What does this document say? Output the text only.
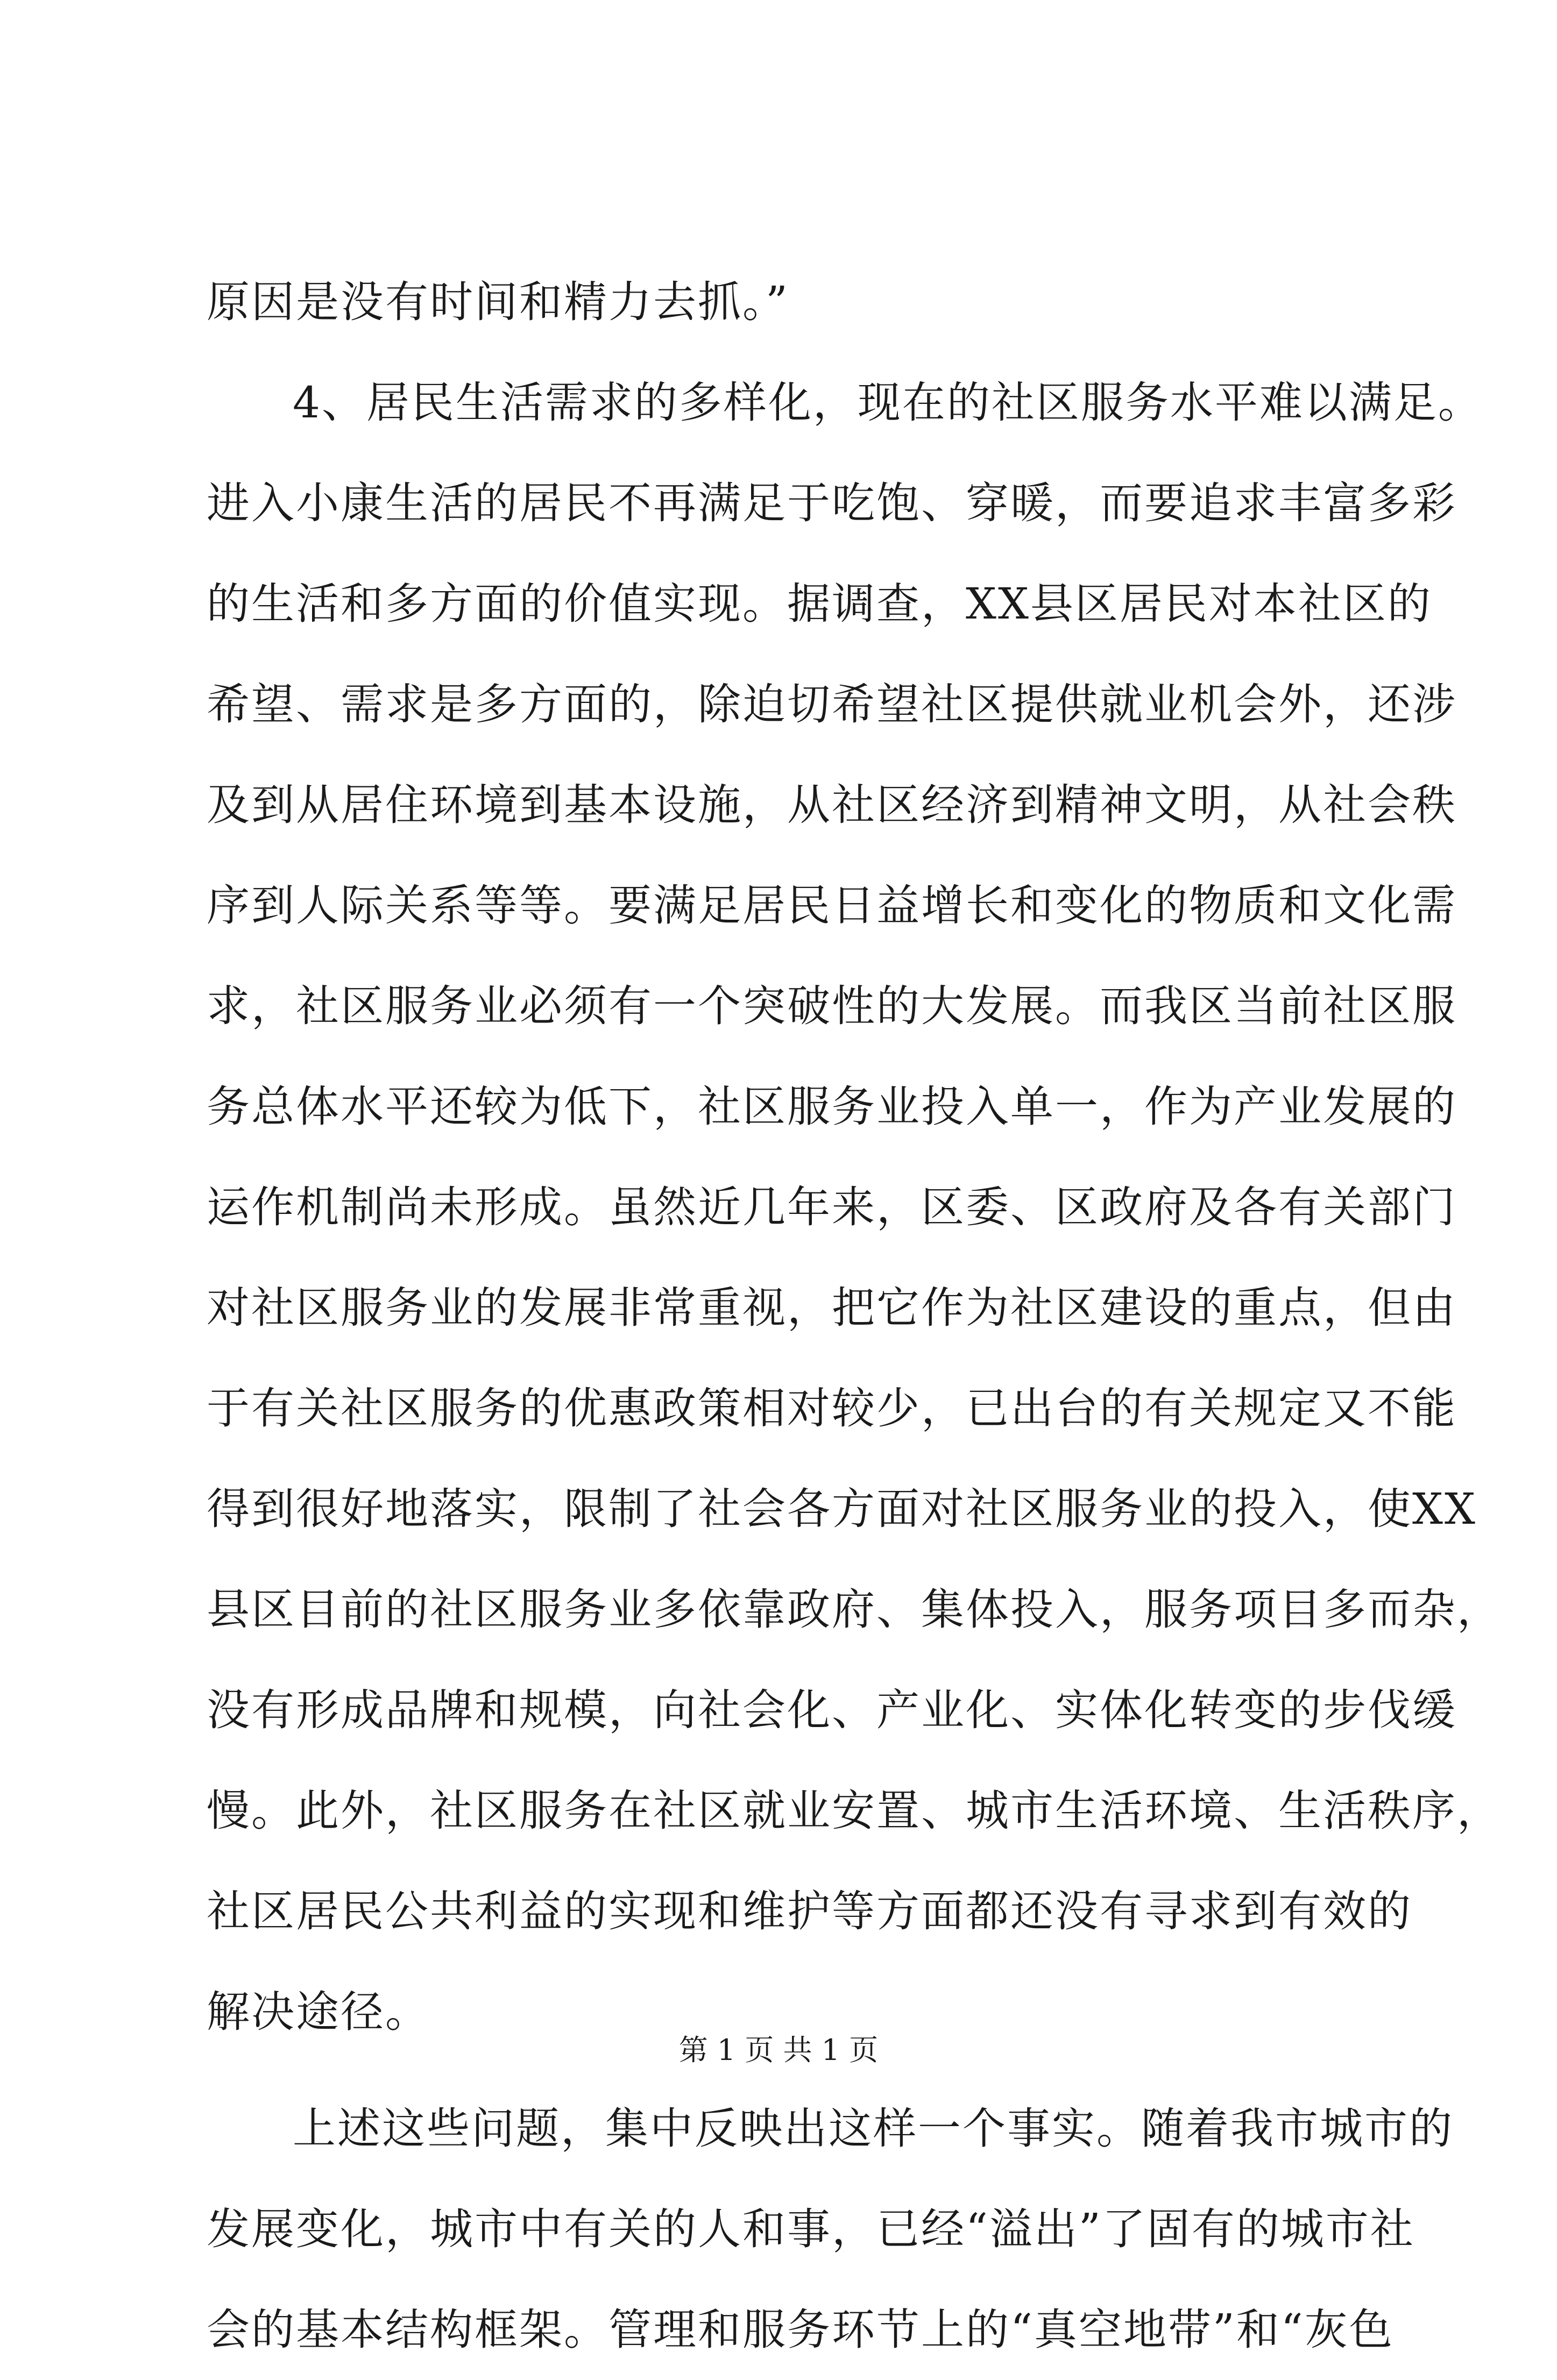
原因是没有时间和精力去抓。”
4、居民生活需求的多样化，现在的社区服务水平难以满足。
进入小康生活的居民不再满足于吃饱、穿暖，而要追求丰富多彩
的生活和多方面的价值实现。据调查，XX县区居民对本社区的
希望、需求是多方面的，除迫切希望社区提供就业机会外，还涉
及到从居住环境到基本设施，从社区经济到精神文明，从社会秩
序到人际关系等等。要满足居民日益增长和变化的物质和文化需
求，社区服务业必须有一个突破性的大发展。而我区当前社区服
务总体水平还较为低下，社区服务业投入单一，作为产业发展的
运作机制尚未形成。虽然近几年来，区委、区政府及各有关部门
对社区服务业的发展非常重视，把它作为社区建设的重点，但由
于有关社区服务的优惠政策相对较少，已出台的有关规定又不能
得到很好地落实，限制了社会各方面对社区服务业的投入，使XX
县区目前的社区服务业多依靠政府、集体投入，服务项目多而杂，
没有形成品牌和规模，向社会化、产业化、实体化转变的步伐缓
慢。此外，社区服务在社区就业安置、城市生活环境、生活秩序，
社区居民公共利益的实现和维护等方面都还没有寻求到有效的
解决途径。
上述这些问题，集中反映出这样一个事实。随着我市城市的
发展变化，城市中有关的人和事，已经“溢出”了固有的城市社
会的基本结构框架。管理和服务环节上的“真空地带”和“灰色
第 1 页 共 1 页
